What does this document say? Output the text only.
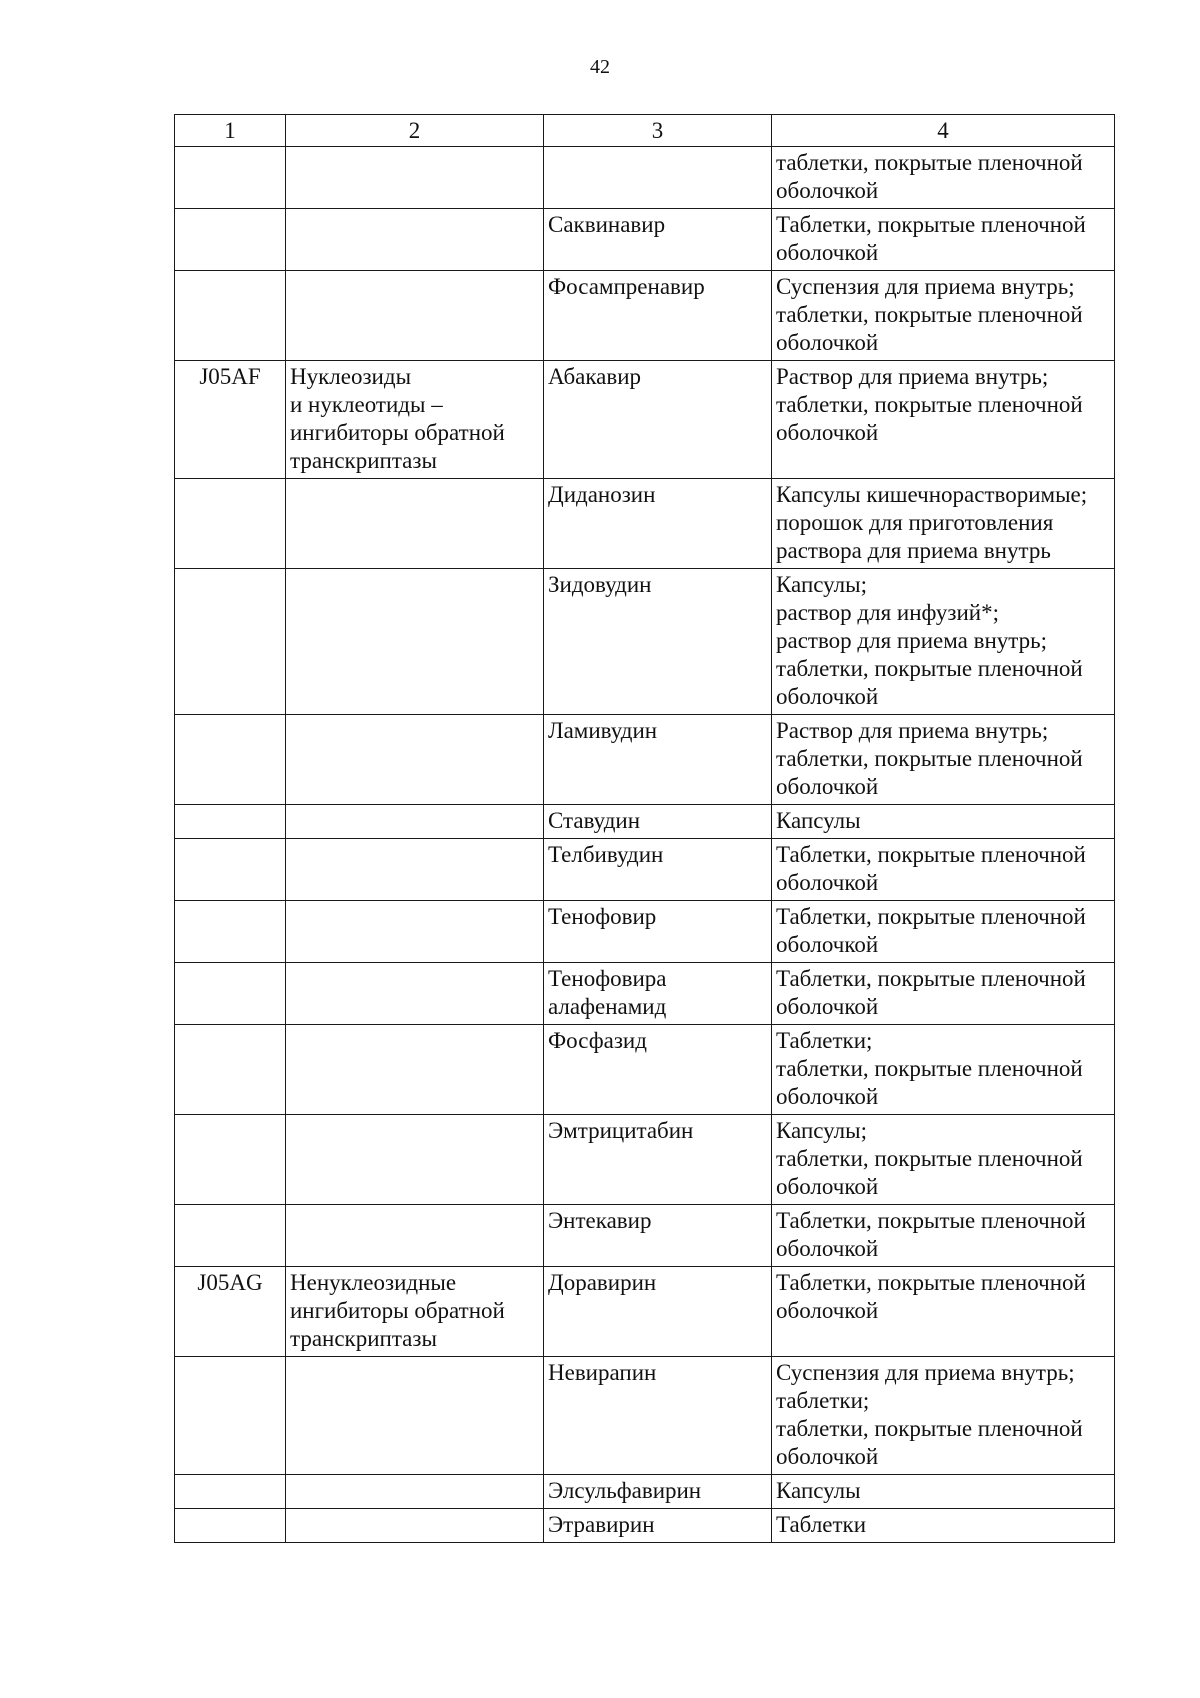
42
1	2	3	4
			таблетки, покрытые пленочной
оболочкой
		Саквинавир	Таблетки, покрытые пленочной
оболочкой
		Фосампренавир	Суспензия для приема внутрь;
таблетки, покрытые пленочной
оболочкой
J05AF	Нуклеозиды
и нуклеотиды –
ингибиторы обратной
транскриптазы	Абакавир	Раствор для приема внутрь;
таблетки, покрытые пленочной
оболочкой
		Диданозин	Капсулы кишечнорастворимые;
порошок для приготовления
раствора для приема внутрь
		Зидовудин	Капсулы;
раствор для инфузий*;
раствор для приема внутрь;
таблетки, покрытые пленочной
оболочкой
		Ламивудин	Раствор для приема внутрь;
таблетки, покрытые пленочной
оболочкой
		Ставудин	Капсулы
		Телбивудин	Таблетки, покрытые пленочной
оболочкой
		Тенофовир	Таблетки, покрытые пленочной
оболочкой
		Тенофовира
алафенамид	Таблетки, покрытые пленочной
оболочкой
		Фосфазид	Таблетки;
таблетки, покрытые пленочной
оболочкой
		Эмтрицитабин	Капсулы;
таблетки, покрытые пленочной
оболочкой
		Энтекавир	Таблетки, покрытые пленочной
оболочкой
J05AG	Ненуклеозидные
ингибиторы обратной
транскриптазы	Доравирин	Таблетки, покрытые пленочной
оболочкой
		Невирапин	Суспензия для приема внутрь;
таблетки;
таблетки, покрытые пленочной
оболочкой
		Элсульфавирин	Капсулы
		Этравирин	Таблетки
